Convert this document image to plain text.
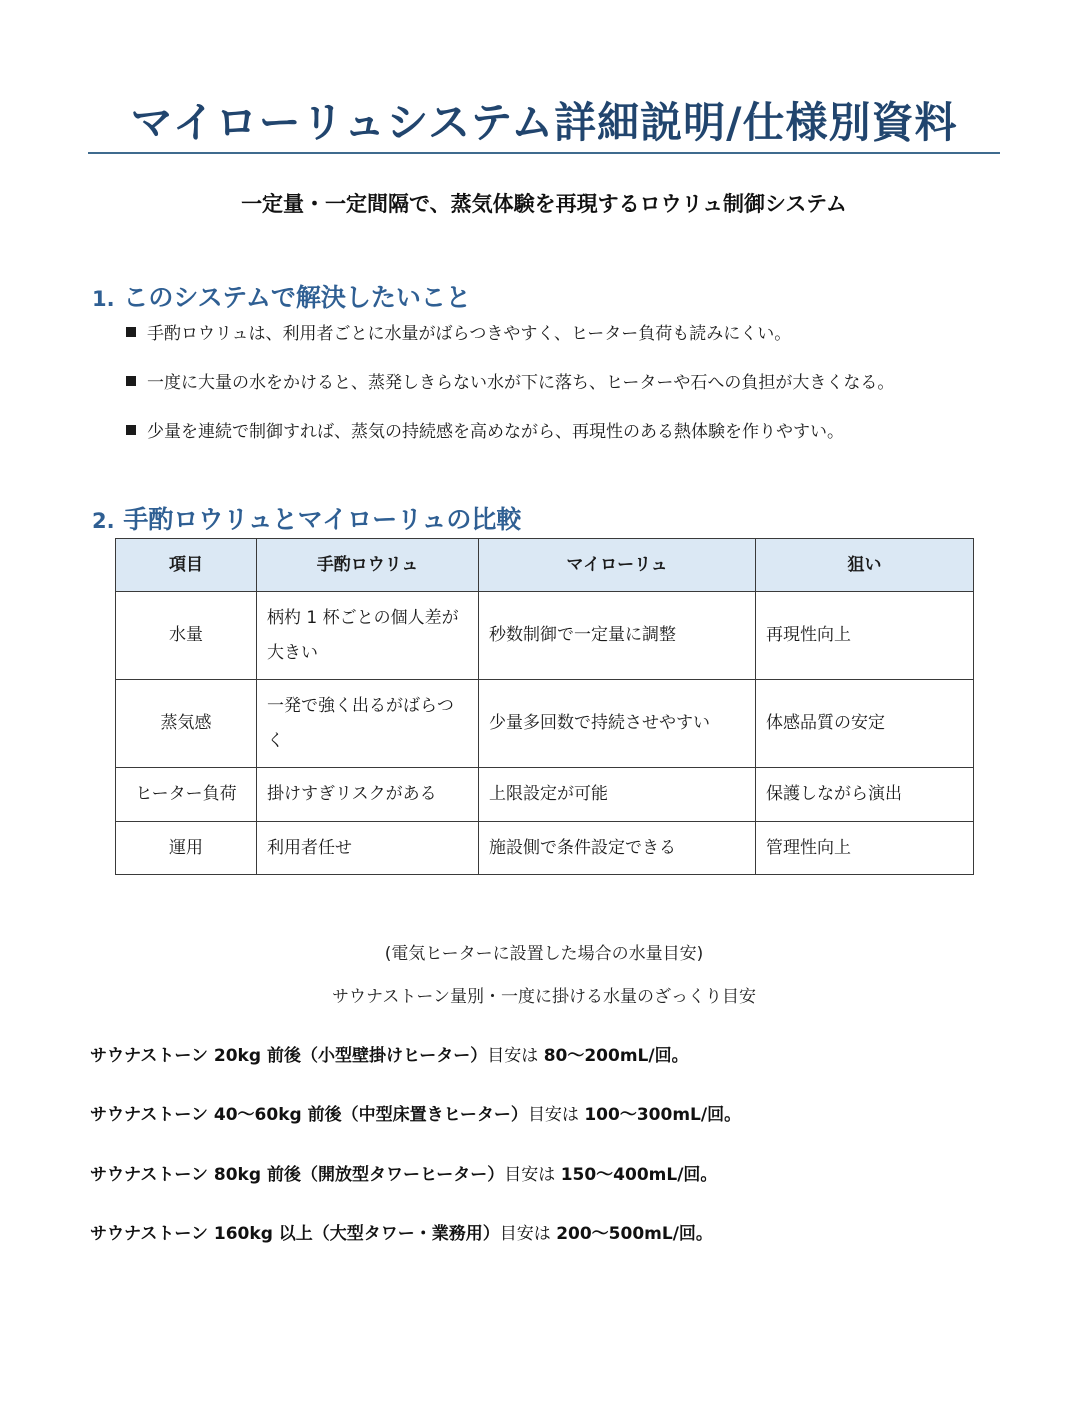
マイローリュシステム詳細説明/仕様別資料
一定量・一定間隔で、蒸気体験を再現するロウリュ制御システム
1. このシステムで解決したいこと
手酌ロウリュは、利用者ごとに水量がばらつきやすく、ヒーター負荷も読みにくい。
一度に大量の水をかけると、蒸発しきらない水が下に落ち、ヒーターや石への負担が大きくなる。
少量を連続で制御すれば、蒸気の持続感を高めながら、再現性のある熱体験を作りやすい。
2. 手酌ロウリュとマイローリュの比較
項目	手酌ロウリュ	マイローリュ	狙い
水量	柄杓 1 杯ごとの個人差が大きい	秒数制御で一定量に調整	再現性向上
蒸気感	一発で強く出るがばらつく	少量多回数で持続させやすい	体感品質の安定
ヒーター負荷	掛けすぎリスクがある	上限設定が可能	保護しながら演出
運用	利用者任せ	施設側で条件設定できる	管理性向上
(電気ヒーターに設置した場合の水量目安)
サウナストーン量別・一度に掛ける水量のざっくり目安
サウナストーン 20kg 前後（小型壁掛けヒーター）目安は 80〜200mL/回。
サウナストーン 40〜60kg 前後（中型床置きヒーター）目安は 100〜300mL/回。
サウナストーン 80kg 前後（開放型タワーヒーター）目安は 150〜400mL/回。
サウナストーン 160kg 以上（大型タワー・業務用）目安は 200〜500mL/回。
